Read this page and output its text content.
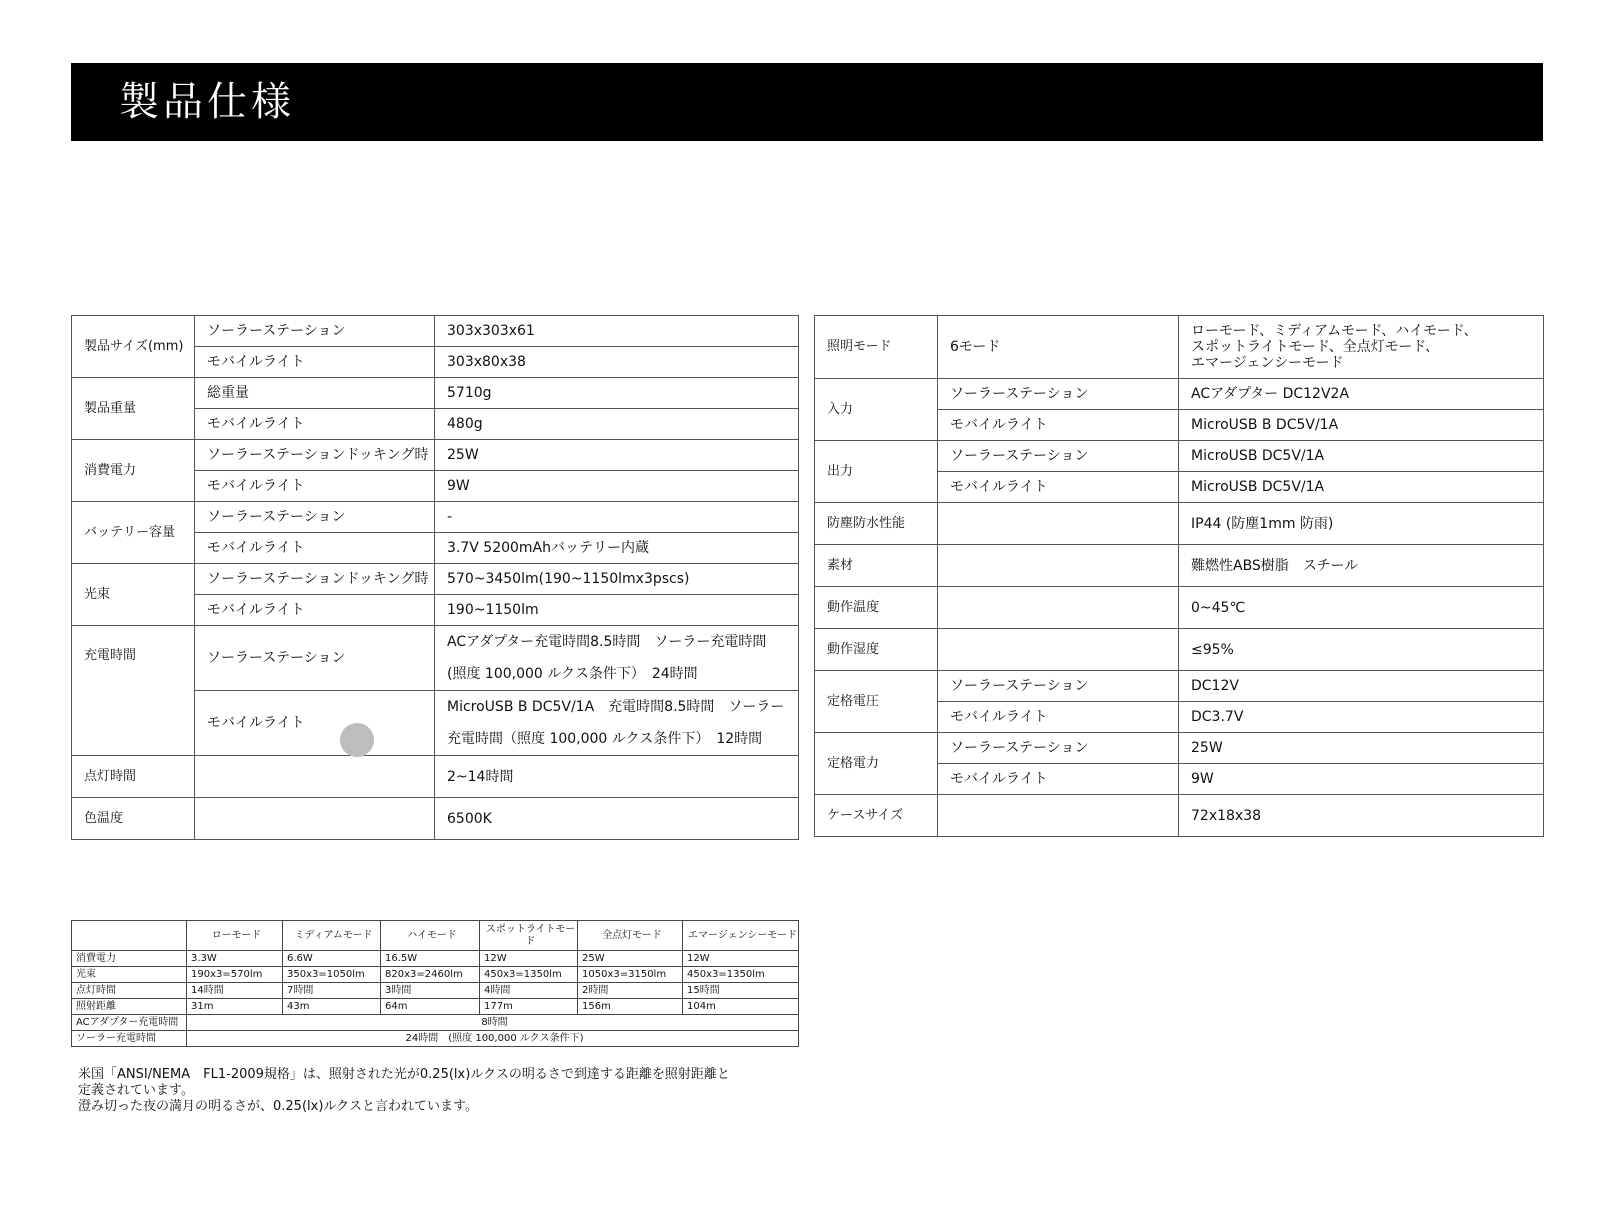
製品仕様
製品サイズ(mm)	ソーラーステーション	303x303x61
	モバイルライト	303x80x38
製品重量	総重量	5710g
	モバイルライト	480g
消費電力	ソーラーステーションドッキング時	25W
	モバイルライト	9W
バッテリー容量	ソーラーステーション	-
	モバイルライト	3.7V 5200mAhバッテリー内蔵
光束	ソーラーステーションドッキング時	570~3450lm(190~1150lmx3pscs)
	モバイルライト	190~1150lm
充電時間	ソーラーステーション	ACアダプター充電時間8.5時間　ソーラー充電時間
(照度 100,000 ルクス条件下）　24時間

	モバイルライト	MicroUSB B DC5V/1A　充電時間8.5時間　ソーラー
充電時間（照度 100,000 ルクス条件下）　12時間

点灯時間		2~14時間
色温度		6500K
照明モード	6モード	ローモード、ミディアムモード、ハイモード、
スポットライトモード、全点灯モード、
エマージェンシーモード

入力	ソーラーステーション	ACアダプター DC12V2A
	モバイルライト	MicroUSB B DC5V/1A
出力	ソーラーステーション	MicroUSB DC5V/1A
	モバイルライト	MicroUSB DC5V/1A
防塵防水性能		IP44 (防塵1mm 防雨)
素材		難燃性ABS樹脂　スチール
動作温度		0~45℃
動作湿度		≤95%
定格電圧	ソーラーステーション	DC12V
	モバイルライト	DC3.7V
定格電力	ソーラーステーション	25W
	モバイルライト	9W
ケースサイズ		72x18x38
	ローモード	ミディアムモード	ハイモード	スポットライトモード	全点灯モード	エマージェンシーモード
消費電力	3.3W	6.6W	16.5W	12W	25W	12W
光束	190x3=570lm	350x3=1050lm	820x3=2460lm	450x3=1350lm	1050x3=3150lm	450x3=1350lm
点灯時間	14時間	7時間	3時間	4時間	2時間	15時間
照射距離	31m	43m	64m	177m	156m	104m
ACアダプター充電時間	8時間					
ソーラー充電時間	24時間　(照度 100,000 ルクス条件下)					

米国「ANSI/NEMA　FL1-2009規格」は、照射された光が0.25(lx)ルクスの明るさで到達する距離を照射距離と

定義されています。

澄み切った夜の満月の明るさが、0.25(lx)ルクスと言われています。
